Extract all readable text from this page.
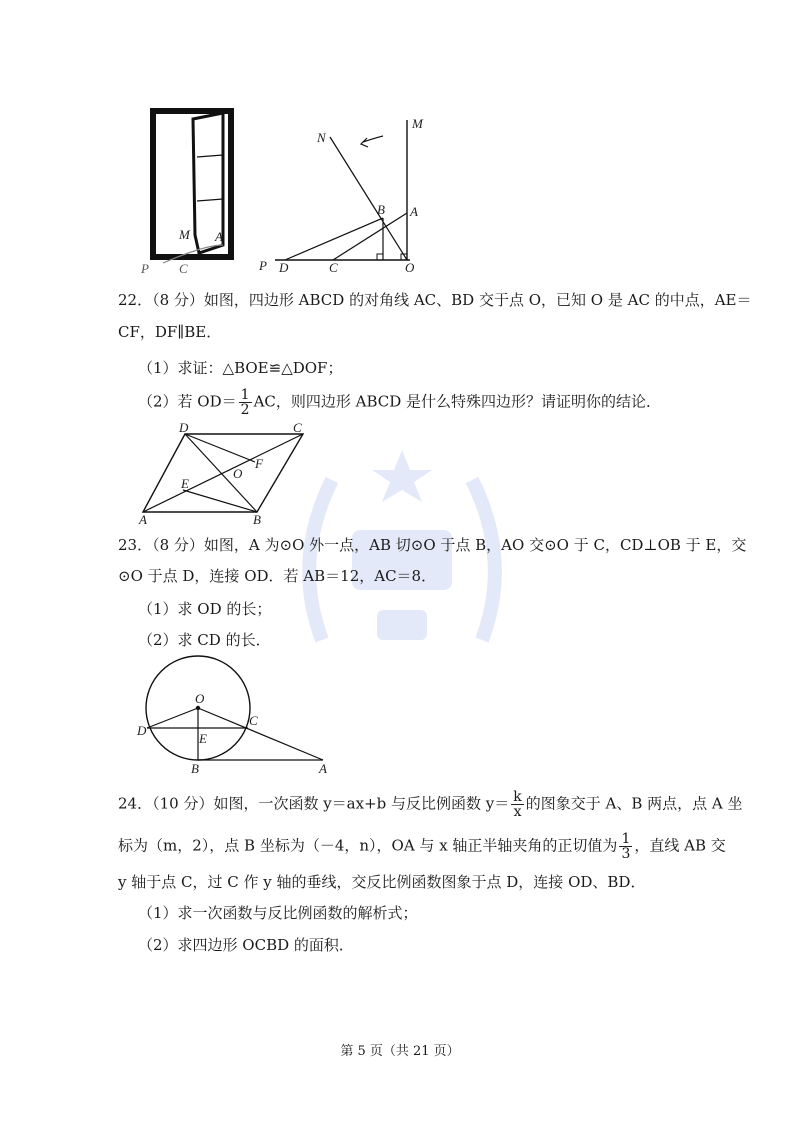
M A
P C
N
M
B A
P D	C	O
22．（8 分）如图，四边形 ABCD 的对角线 AC、BD 交于点 O，已知 O 是 AC 的中点，AE＝
CF，DF∥BE．
（1）求证：△BOE≌△DOF；
（2）若 $OD= \frac{1}{2}$ AC，则四边形 ABCD 是什么特殊四边形？请证明你的结论．
D	C
F
O
E
A	B
23．（8 分）如图，A 为⊙O 外一点，AB 切⊙O 于点 B，AO 交⊙O 于 C，CD⊥OB 于 E，交
⊙O 于点 D，连接 OD．若 AB＝12，AC＝8．
（1）求 OD 的长；
（2）求 CD 的长．
O
C
D
E
B	A
24．（10 分）如图，一次函数 y＝ax+b 与反比例函数 $y= \frac{k}{x}$ 的图象交于 A、B 两点，点 A 坐
标为（m，2），点 B 坐标为（－4，n），OA 与 x 轴正半轴夹角的正切值为 $\frac{1}{3}$ ，直线 AB 交
y 轴于点 C，过 C 作 y 轴的垂线，交反比例函数图象于点 D，连接 OD、BD．
（1）求一次函数与反比例函数的解析式；
（2）求四边形 OCBD 的面积．
第 5 页（共 21 页）
